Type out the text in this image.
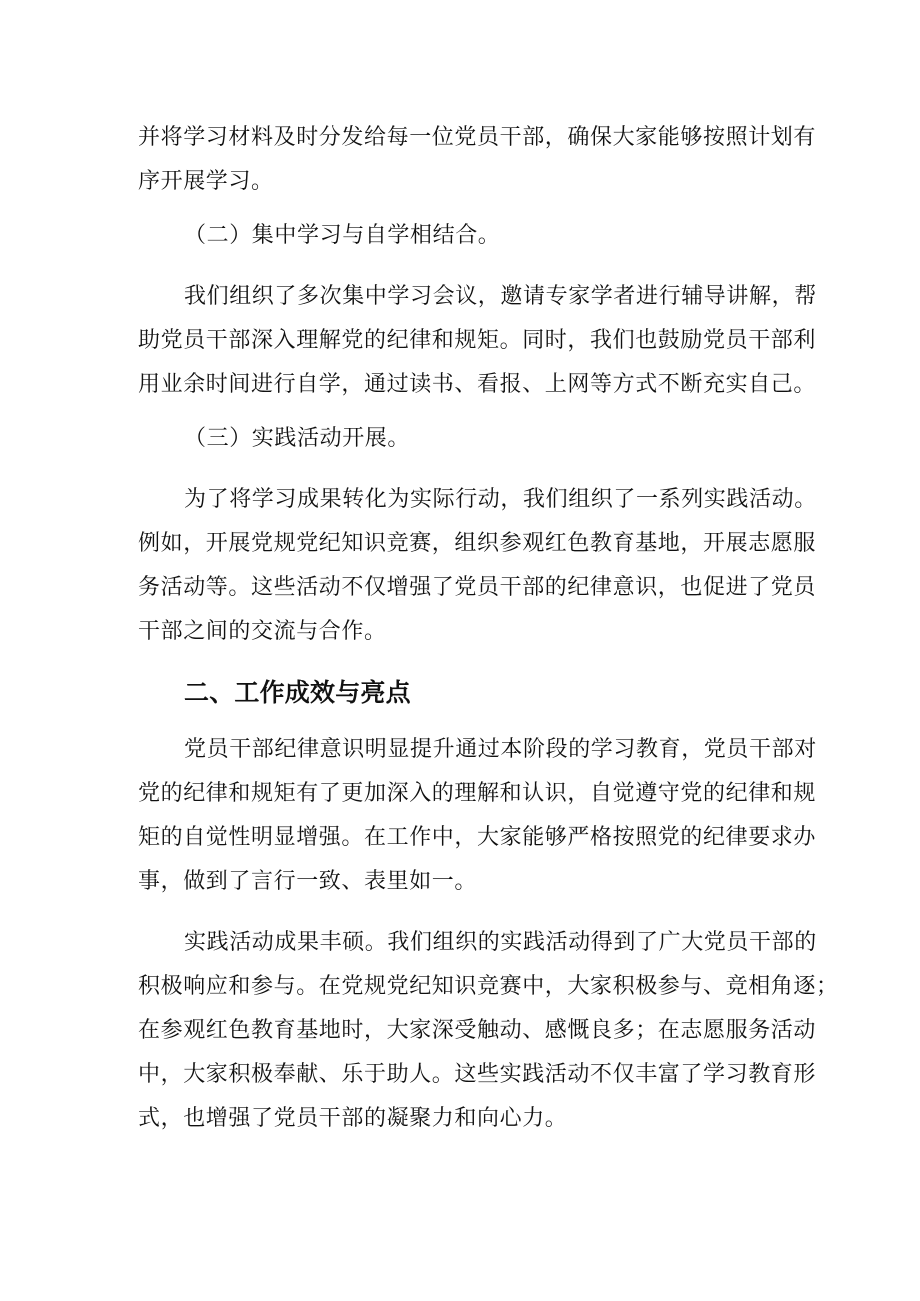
并将学习材料及时分发给每一位党员干部，确保大家能够按照计划有
序开展学习。
（二）集中学习与自学相结合。
我们组织了多次集中学习会议，邀请专家学者进行辅导讲解，帮
助党员干部深入理解党的纪律和规矩。同时，我们也鼓励党员干部利
用业余时间进行自学，通过读书、看报、上网等方式不断充实自己。
（三）实践活动开展。
为了将学习成果转化为实际行动，我们组织了一系列实践活动。
例如，开展党规党纪知识竞赛，组织参观红色教育基地，开展志愿服
务活动等。这些活动不仅增强了党员干部的纪律意识，也促进了党员
干部之间的交流与合作。
二、工作成效与亮点
党员干部纪律意识明显提升通过本阶段的学习教育，党员干部对
党的纪律和规矩有了更加深入的理解和认识，自觉遵守党的纪律和规
矩的自觉性明显增强。在工作中，大家能够严格按照党的纪律要求办
事，做到了言行一致、表里如一。
实践活动成果丰硕。我们组织的实践活动得到了广大党员干部的
积极响应和参与。在党规党纪知识竞赛中，大家积极参与、竞相角逐；
在参观红色教育基地时，大家深受触动、感慨良多；在志愿服务活动
中，大家积极奉献、乐于助人。这些实践活动不仅丰富了学习教育形
式，也增强了党员干部的凝聚力和向心力。
